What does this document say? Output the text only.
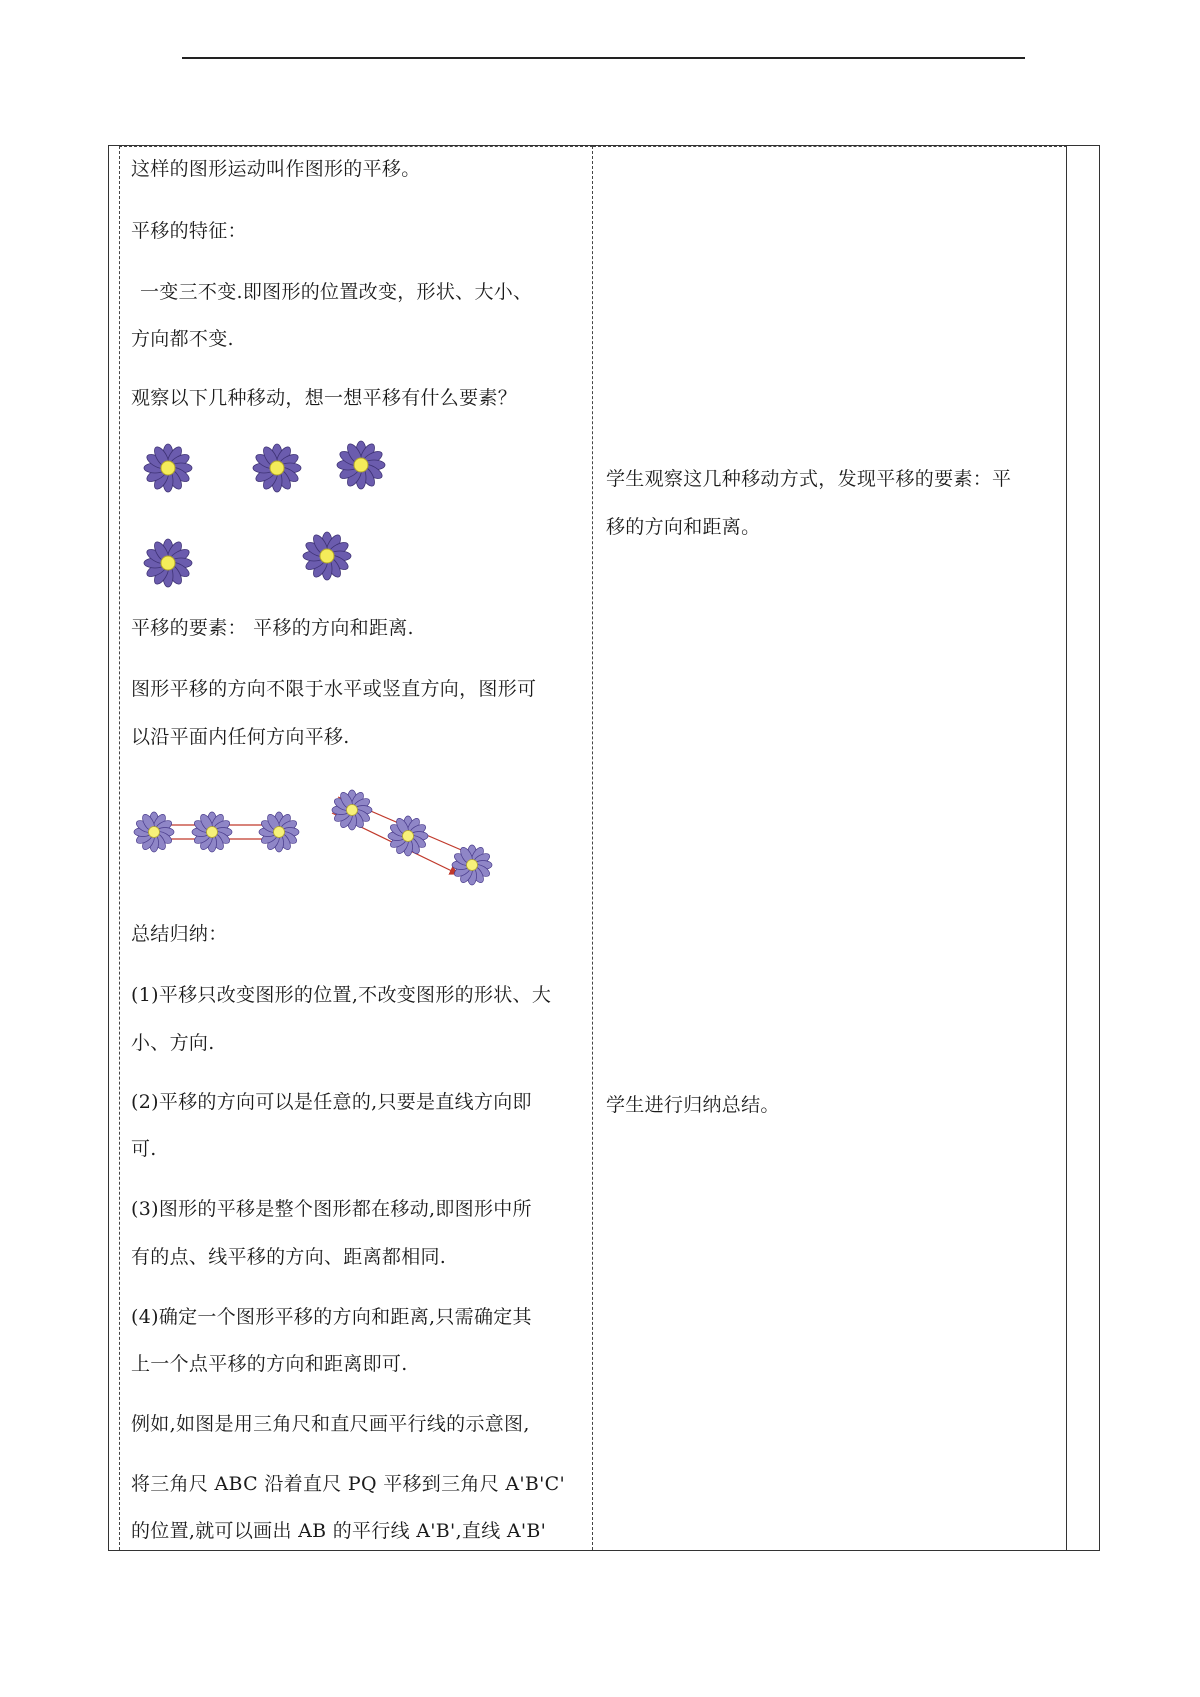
这样的图形运动叫作图形的平移。
平移的特征：
一变三不变.即图形的位置改变，形状、大小、
方向都不变.
观察以下几种移动，想一想平移有什么要素？
平移的要素： 平移的方向和距离.
图形平移的方向不限于水平或竖直方向，图形可
以沿平面内任何方向平移.
总结归纳：
(1)平移只改变图形的位置,不改变图形的形状、大
小、方向.
(2)平移的方向可以是任意的,只要是直线方向即
可.
(3)图形的平移是整个图形都在移动,即图形中所
有的点、线平移的方向、距离都相同.
(4)确定一个图形平移的方向和距离,只需确定其
上一个点平移的方向和距离即可.
例如,如图是用三角尺和直尺画平行线的示意图,
将三角尺 ABC 沿着直尺 PQ 平移到三角尺 A'B'C'
的位置,就可以画出 AB 的平行线 A'B',直线 A'B'
学生观察这几种移动方式，发现平移的要素：平
移的方向和距离。
学生进行归纳总结。
